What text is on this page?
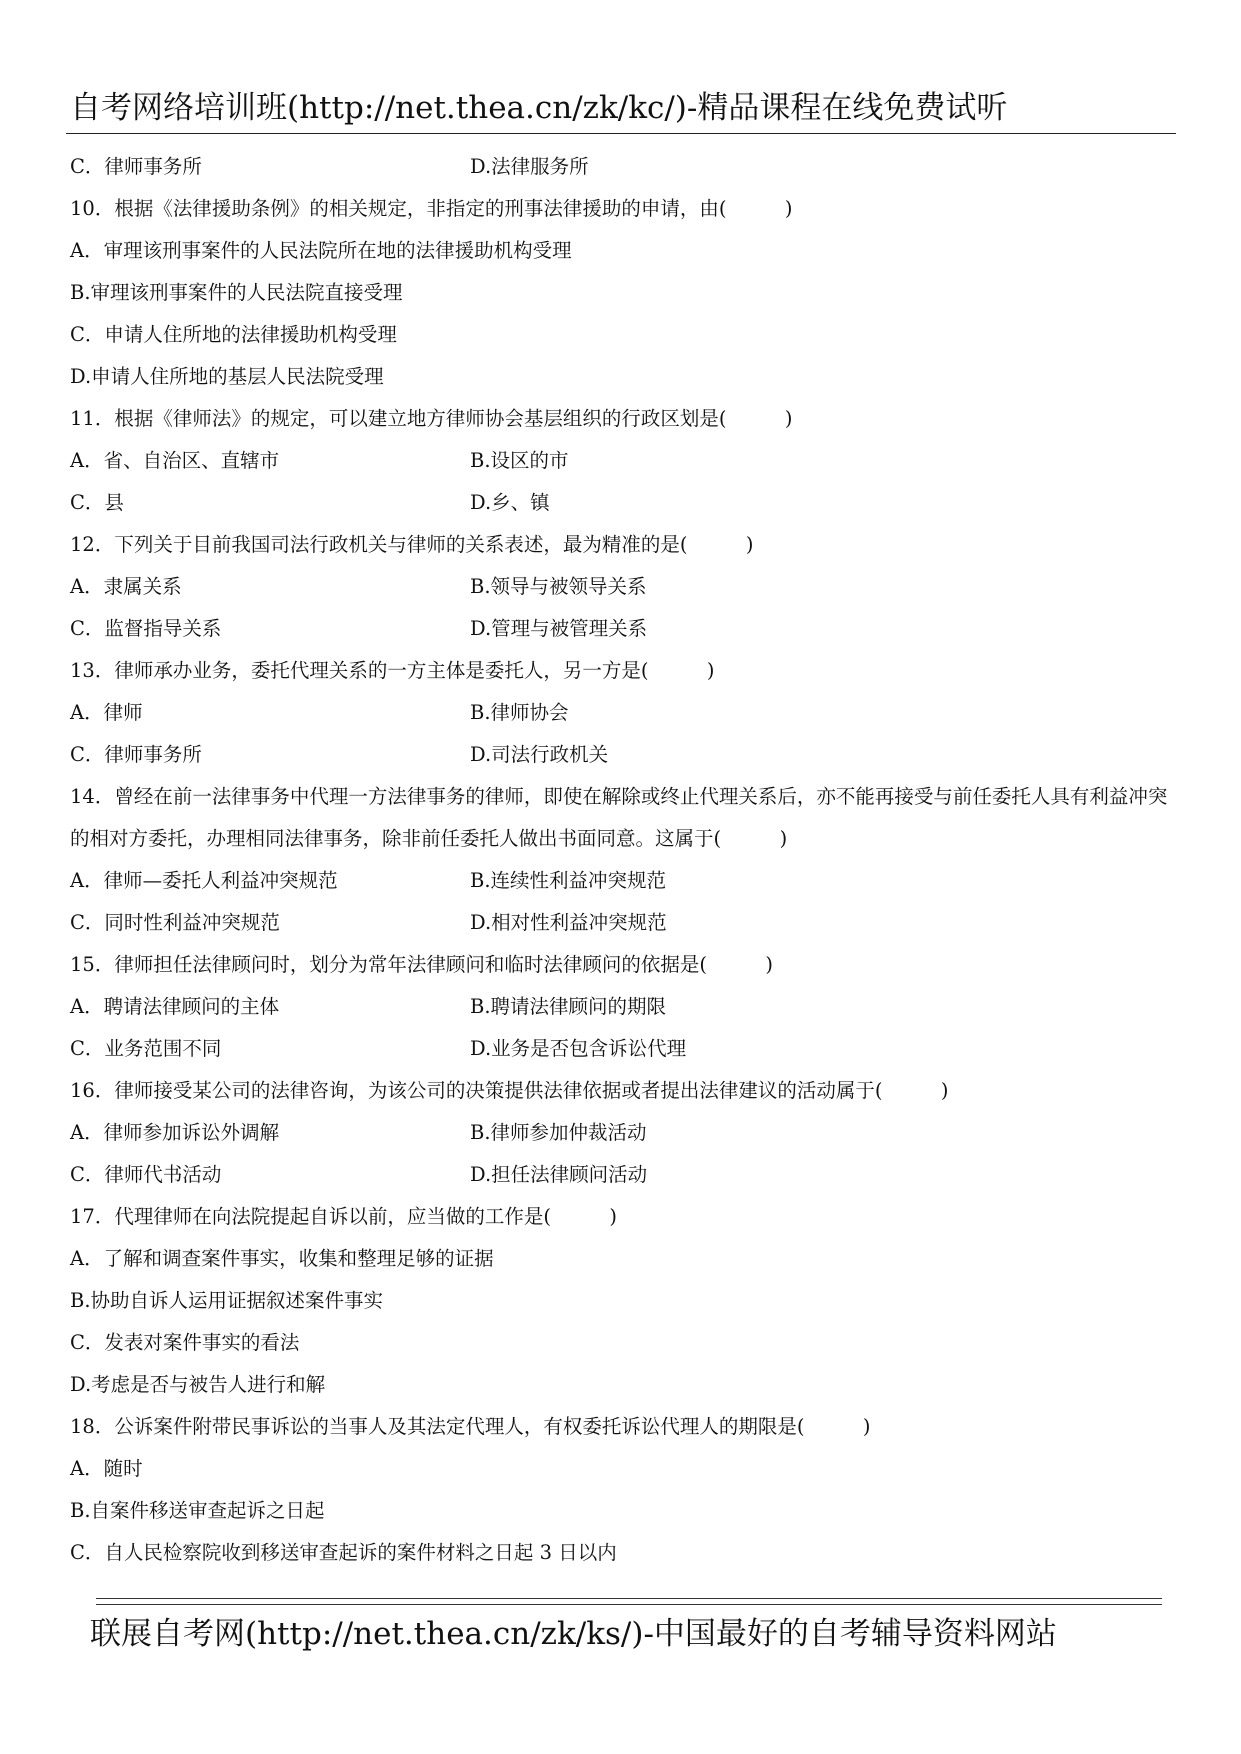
自考网络培训班(http://net.thea.cn/zk/kc/)-精品课程在线免费试听
C．律师事务所	D.法律服务所
10．根据《法律援助条例》的相关规定，非指定的刑事法律援助的申请，由(　　　)
A．审理该刑事案件的人民法院所在地的法律援助机构受理
B.审理该刑事案件的人民法院直接受理
C．申请人住所地的法律援助机构受理
D.申请人住所地的基层人民法院受理
11．根据《律师法》的规定，可以建立地方律师协会基层组织的行政区划是(　　　)
A．省、自治区、直辖市	B.设区的市
C．县	D.乡、镇
12．下列关于目前我国司法行政机关与律师的关系表述，最为精准的是(　　　)
A．隶属关系	B.领导与被领导关系
C．监督指导关系	D.管理与被管理关系
13．律师承办业务，委托代理关系的一方主体是委托人，另一方是(　　　)
A．律师	B.律师协会
C．律师事务所	D.司法行政机关
14．曾经在前一法律事务中代理一方法律事务的律师，即使在解除或终止代理关系后，亦不能再接受与前任委托人具有利益冲突的相对方委托，办理相同法律事务，除非前任委托人做出书面同意。这属于(　　　)
A．律师—委托人利益冲突规范	B.连续性利益冲突规范
C．同时性利益冲突规范	D.相对性利益冲突规范
15．律师担任法律顾问时，划分为常年法律顾问和临时法律顾问的依据是(　　　)
A．聘请法律顾问的主体	B.聘请法律顾问的期限
C．业务范围不同	D.业务是否包含诉讼代理
16．律师接受某公司的法律咨询，为该公司的决策提供法律依据或者提出法律建议的活动属于(　　　)
A．律师参加诉讼外调解	B.律师参加仲裁活动
C．律师代书活动	D.担任法律顾问活动
17．代理律师在向法院提起自诉以前，应当做的工作是(　　　)
A．了解和调查案件事实，收集和整理足够的证据
B.协助自诉人运用证据叙述案件事实
C．发表对案件事实的看法
D.考虑是否与被告人进行和解
18．公诉案件附带民事诉讼的当事人及其法定代理人，有权委托诉讼代理人的期限是(　　　)
A．随时
B.自案件移送审查起诉之日起
C．自人民检察院收到移送审查起诉的案件材料之日起 3 日以内
联展自考网(http://net.thea.cn/zk/ks/)-中国最好的自考辅导资料网站
